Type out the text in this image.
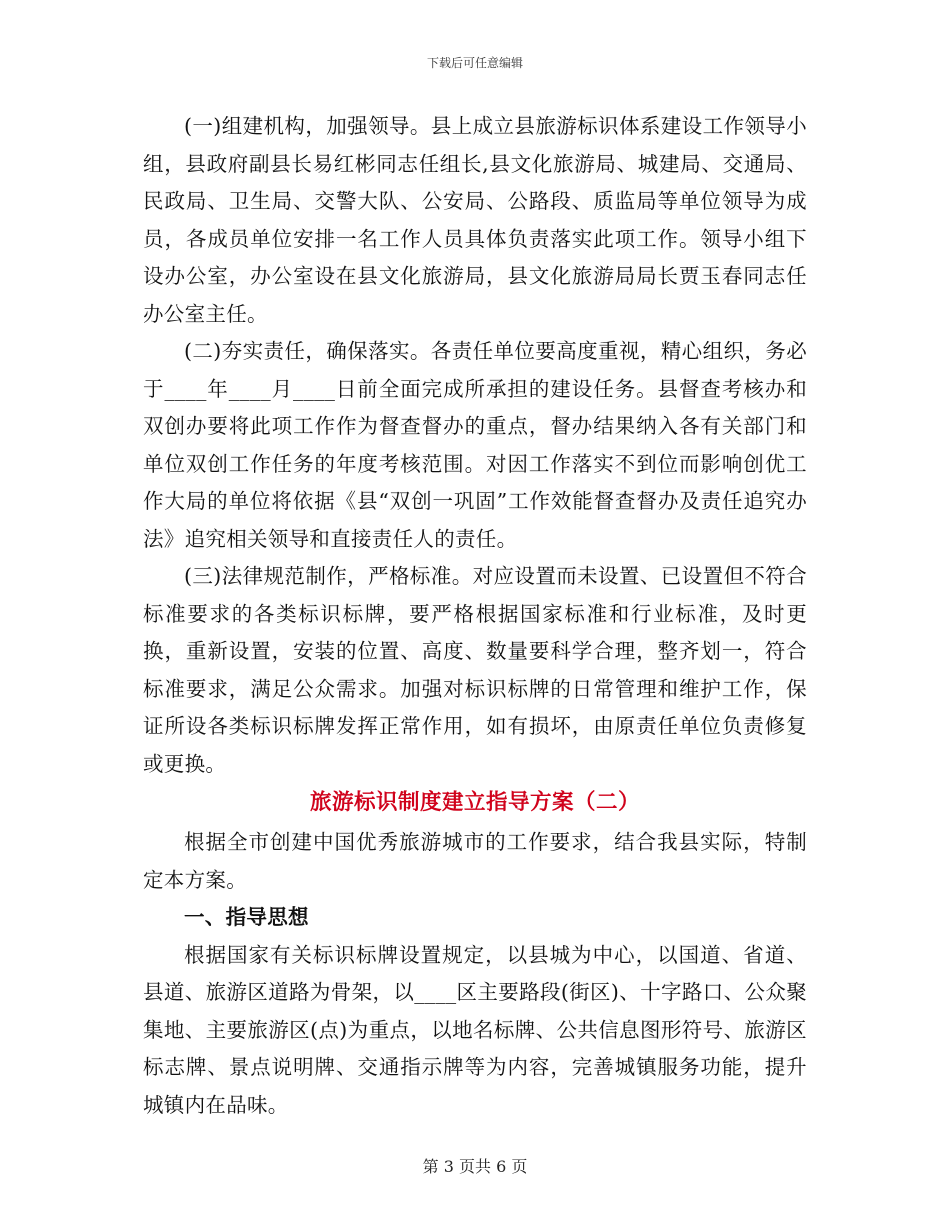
下载后可任意编辑

(一)组建机构，加强领导。县上成立县旅游标识体系建设工作领导小组，县政府副县长易红彬同志任组长,县文化旅游局、城建局、交通局、民政局、卫生局、交警大队、公安局、公路段、质监局等单位领导为成员，各成员单位安排一名工作人员具体负责落实此项工作。领导小组下设办公室，办公室设在县文化旅游局，县文化旅游局局长贾玉春同志任办公室主任。

(二)夯实责任，确保落实。各责任单位要高度重视，精心组织，务必于____年____月____日前全面完成所承担的建设任务。县督查考核办和双创办要将此项工作作为督查督办的重点，督办结果纳入各有关部门和单位双创工作任务的年度考核范围。对因工作落实不到位而影响创优工作大局的单位将依据《县“双创一巩固”工作效能督查督办及责任追究办法》追究相关领导和直接责任人的责任。

(三)法律规范制作，严格标准。对应设置而未设置、已设置但不符合标准要求的各类标识标牌，要严格根据国家标准和行业标准，及时更换，重新设置，安装的位置、高度、数量要科学合理，整齐划一，符合标准要求，满足公众需求。加强对标识标牌的日常管理和维护工作，保证所设各类标识标牌发挥正常作用，如有损坏，由原责任单位负责修复或更换。

旅游标识制度建立指导方案（二）

根据全市创建中国优秀旅游城市的工作要求，结合我县实际，特制定本方案。

一、指导思想

根据国家有关标识标牌设置规定，以县城为中心，以国道、省道、县道、旅游区道路为骨架，以____区主要路段(街区)、十字路口、公众聚集地、主要旅游区(点)为重点，以地名标牌、公共信息图形符号、旅游区标志牌、景点说明牌、交通指示牌等为内容，完善城镇服务功能，提升城镇内在品味。

第 3 页共 6 页
